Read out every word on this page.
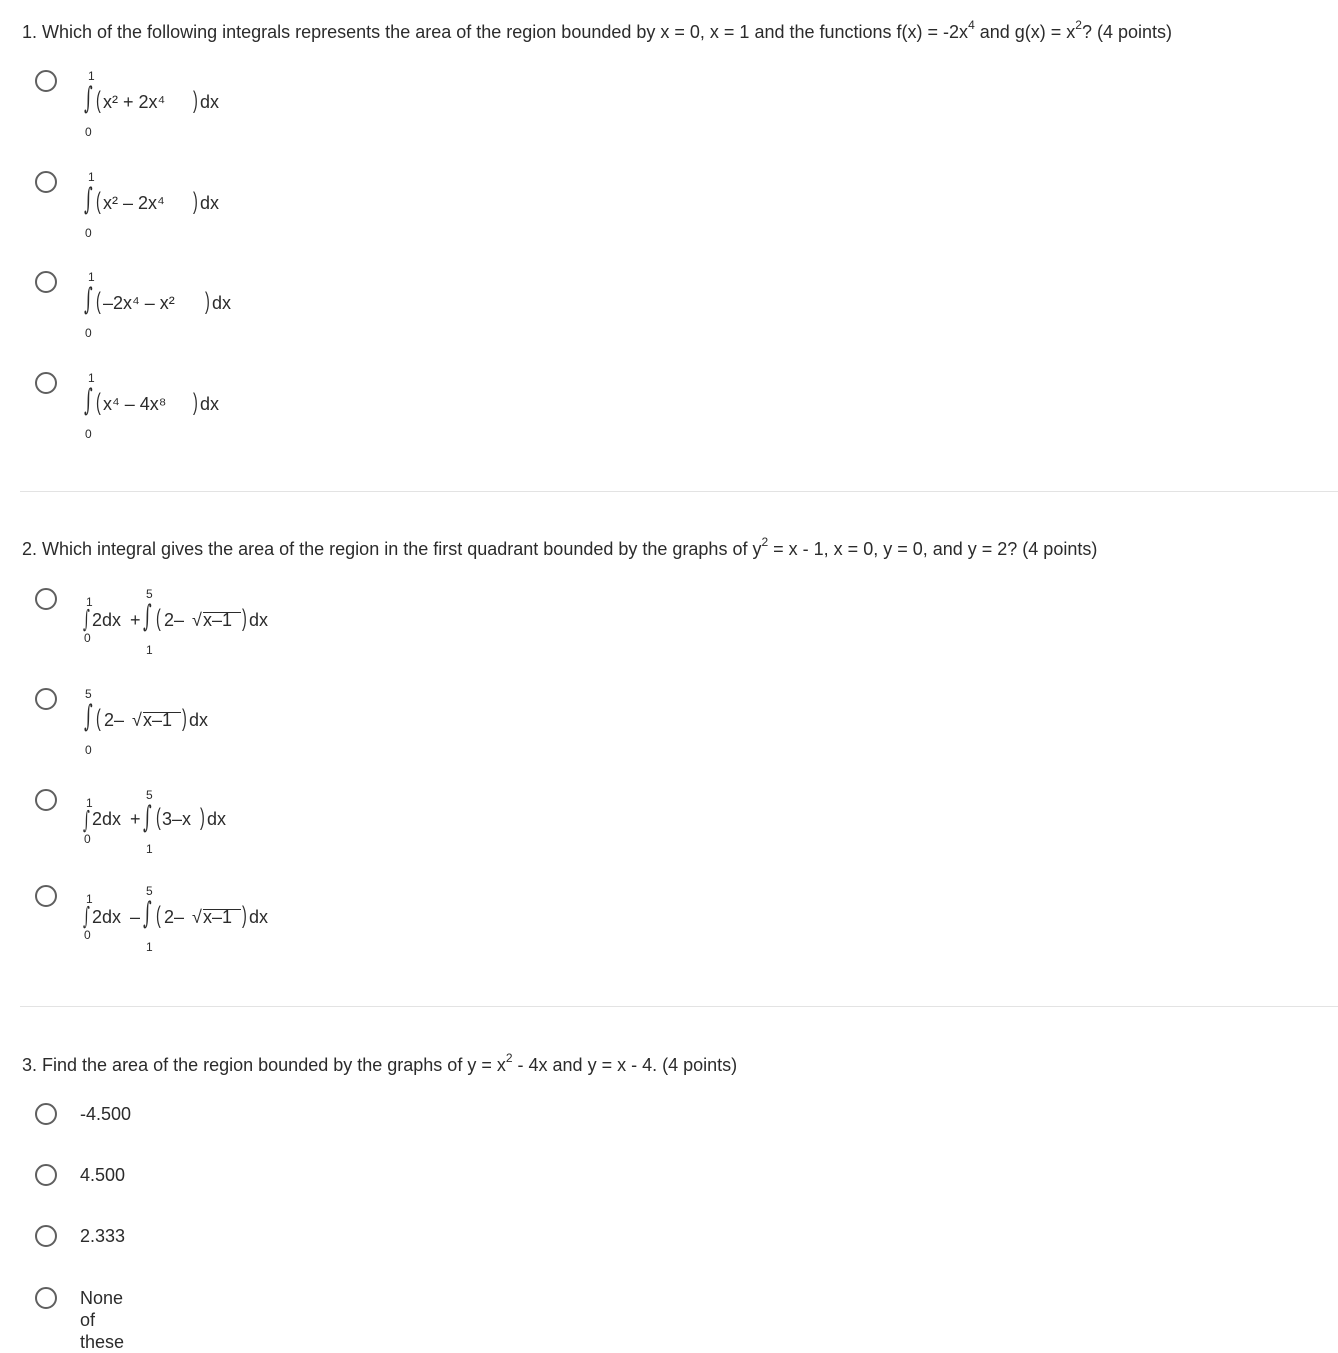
1. Which of the following integrals represents the area of the region bounded by x = 0, x = 1 and the functions $f(x) = -2x^4$ and $g(x) = x^2$? (4 points)
1
∫
0
( x² + 2x⁴ ) dx
1
∫
0
( x² – 2x⁴ ) dx
1
∫
0
( –2x⁴ – x² ) dx
1
∫
0
( x⁴ – 4x⁸ ) dx
2. Which integral gives the area of the region in the first quadrant bounded by the graphs of $y^2 = x - 1$, x = 0, y = 0, and y = 2? (4 points)
1
∫
0
2dx +
5
∫
1
( 2– √ x–1 ) dx
5
∫
0
( 2– √ x–1 ) dx
1
∫
0
2dx +
5
∫
1
( 3–x ) dx
1
∫
0
2dx –
5
∫
1
( 2– √ x–1 ) dx
3. Find the area of the region bounded by the graphs of $y = x^2 - 4x$ and y = x - 4. (4 points)
-4.500
4.500
2.333
None of these
